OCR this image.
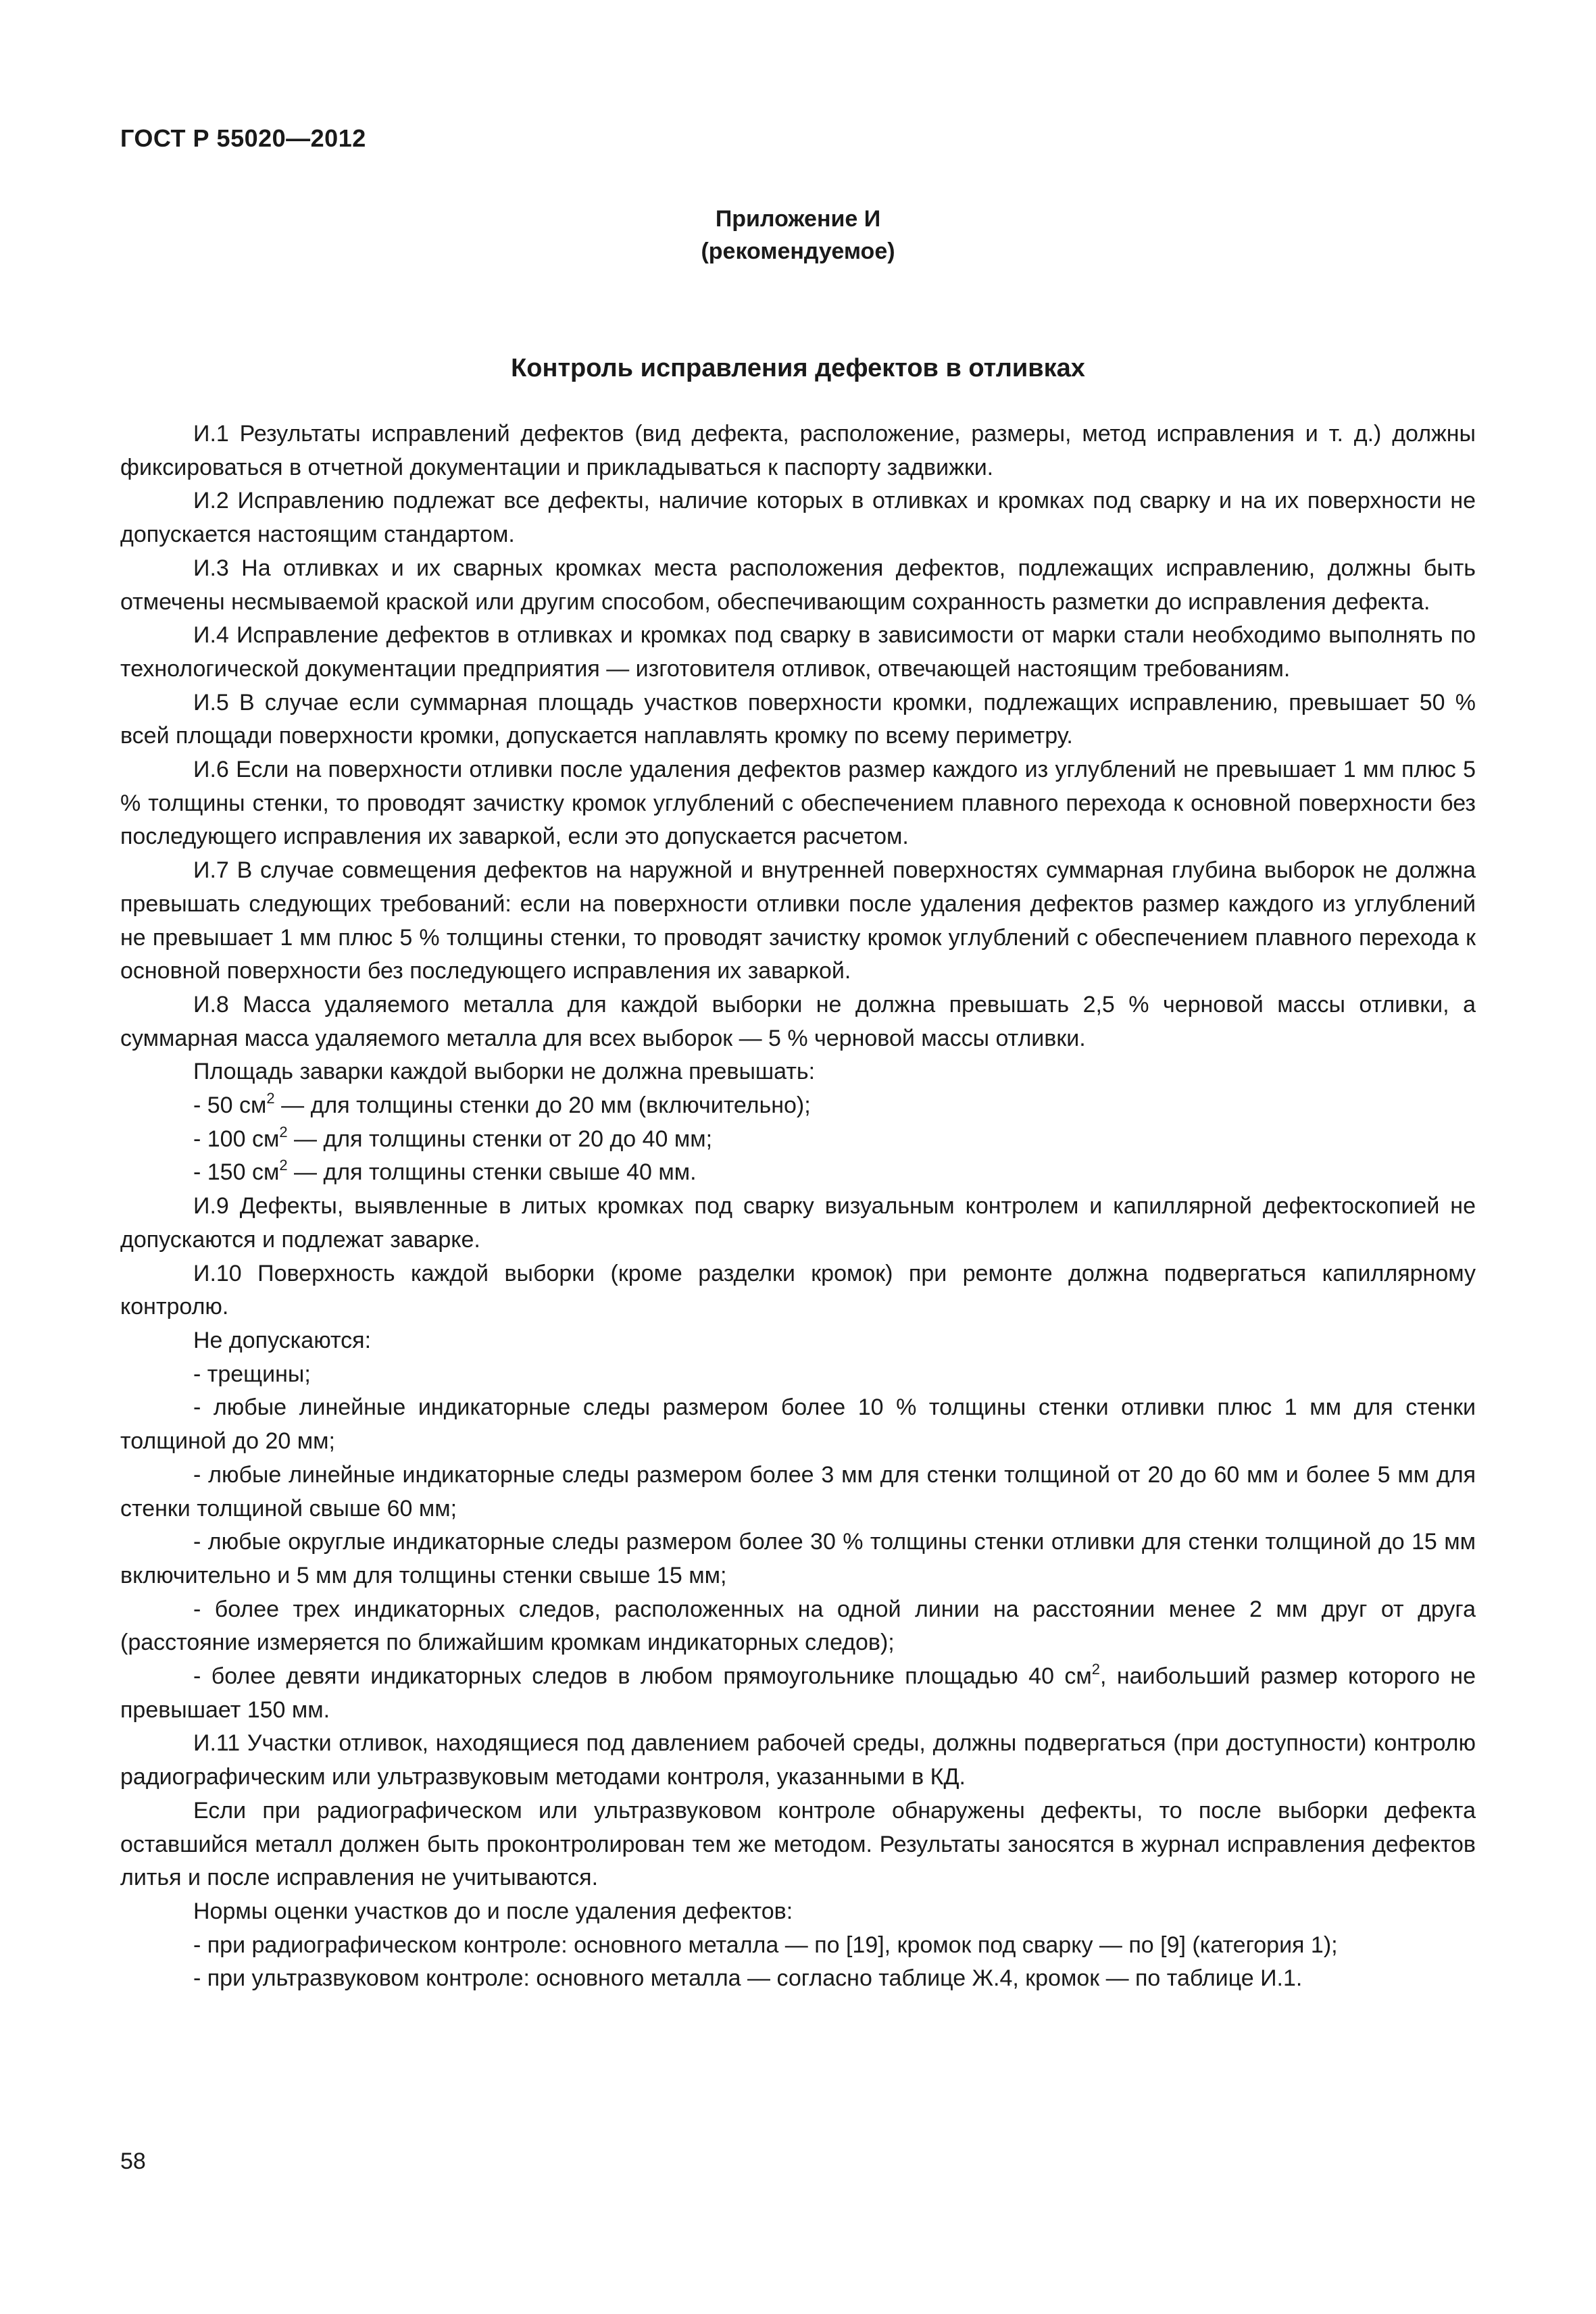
ГОСТ Р 55020—2012
Приложение И
(рекомендуемое)
Контроль исправления дефектов в отливках

И.1 Результаты исправлений дефектов (вид дефекта, расположение, размеры, метод исправления и т. д.) должны фиксироваться в отчетной документации и прикладываться к паспорту задвижки.

И.2 Исправлению подлежат все дефекты, наличие которых в отливках и кромках под сварку и на их поверхности не допускается настоящим стандартом.

И.3 На отливках и их сварных кромках места расположения дефектов, подлежащих исправлению, должны быть отмечены несмываемой краской или другим способом, обеспечивающим сохранность разметки до исправления дефекта.

И.4 Исправление дефектов в отливках и кромках под сварку в зависимости от марки стали необходимо выполнять по технологической документации предприятия — изготовителя отливок, отвечающей настоящим требованиям.

И.5 В случае если суммарная площадь участков поверхности кромки, подлежащих исправлению, превышает 50 % всей площади поверхности кромки, допускается наплавлять кромку по всему периметру.

И.6 Если на поверхности отливки после удаления дефектов размер каждого из углублений не превышает 1 мм плюс 5 % толщины стенки, то проводят зачистку кромок углублений с обеспечением плавного перехода к основной поверхности без последующего исправления их заваркой, если это допускается расчетом.

И.7 В случае совмещения дефектов на наружной и внутренней поверхностях суммарная глубина выборок не должна превышать следующих требований: если на поверхности отливки после удаления дефектов размер каждого из углублений не превышает 1 мм плюс 5 % толщины стенки, то проводят зачистку кромок углублений с обеспечением плавного перехода к основной поверхности без последующего исправления их заваркой.

И.8 Масса удаляемого металла для каждой выборки не должна превышать 2,5 % черновой массы отливки, а суммарная масса удаляемого металла для всех выборок — 5 % черновой массы отливки.

Площадь заварки каждой выборки не должна превышать:

- 50 $см^2$ — для толщины стенки до 20 мм (включительно);

- 100 $см^2$ — для толщины стенки от 20 до 40 мм;

- 150 $см^2$ — для толщины стенки свыше 40 мм.

И.9 Дефекты, выявленные в литых кромках под сварку визуальным контролем и капиллярной дефектоскопией не допускаются и подлежат заварке.

И.10 Поверхность каждой выборки (кроме разделки кромок) при ремонте должна подвергаться капиллярному контролю.

Не допускаются:

- трещины;

- любые линейные индикаторные следы размером более 10 % толщины стенки отливки плюс 1 мм для стенки толщиной до 20 мм;

- любые линейные индикаторные следы размером более 3 мм для стенки толщиной от 20 до 60 мм и более 5 мм для стенки толщиной свыше 60 мм;

- любые округлые индикаторные следы размером более 30 % толщины стенки отливки для стенки толщиной до 15 мм включительно и 5 мм для толщины стенки свыше 15 мм;

- более трех индикаторных следов, расположенных на одной линии на расстоянии менее 2 мм друг от друга (расстояние измеряется по ближайшим кромкам индикаторных следов);

- более девяти индикаторных следов в любом прямоугольнике площадью 40 $см^2$, наибольший размер которого не превышает 150 мм.

И.11 Участки отливок, находящиеся под давлением рабочей среды, должны подвергаться (при доступности) контролю радиографическим или ультразвуковым методами контроля, указанными в КД.

Если при радиографическом или ультразвуковом контроле обнаружены дефекты, то после выборки дефекта оставшийся металл должен быть проконтролирован тем же методом. Результаты заносятся в журнал исправления дефектов литья и после исправления не учитываются.

Нормы оценки участков до и после удаления дефектов:

- при радиографическом контроле: основного металла — по [19], кромок под сварку — по [9] (категория 1);

- при ультразвуковом контроле: основного металла — согласно таблице Ж.4, кромок — по таблице И.1.

58
